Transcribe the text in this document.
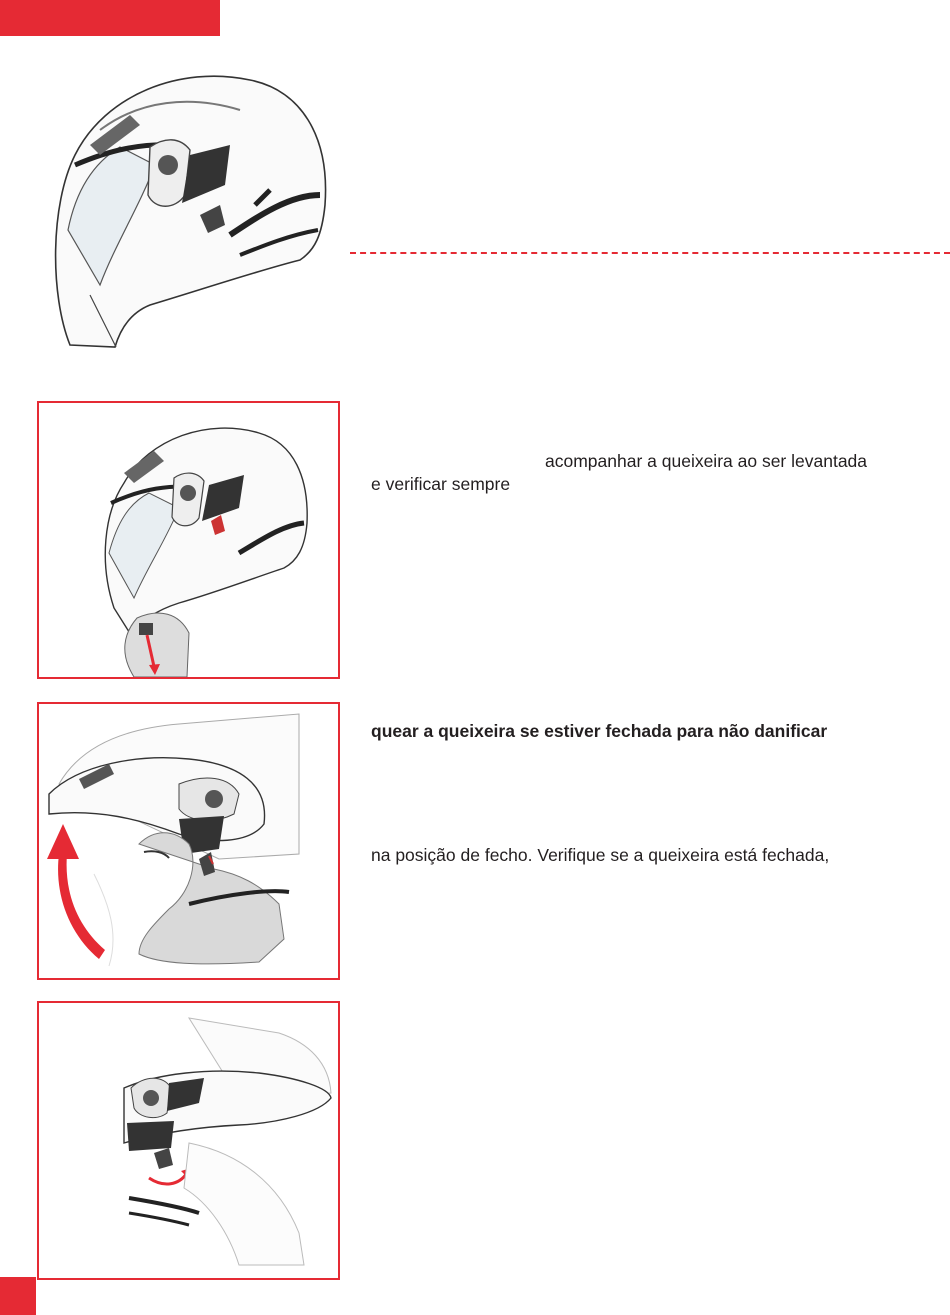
acompanhar a queixeira ao ser levantada
e verificar sempre
quear a queixeira se estiver fechada para não danificar
na posição de fecho. Verifique se a queixeira está fechada,
